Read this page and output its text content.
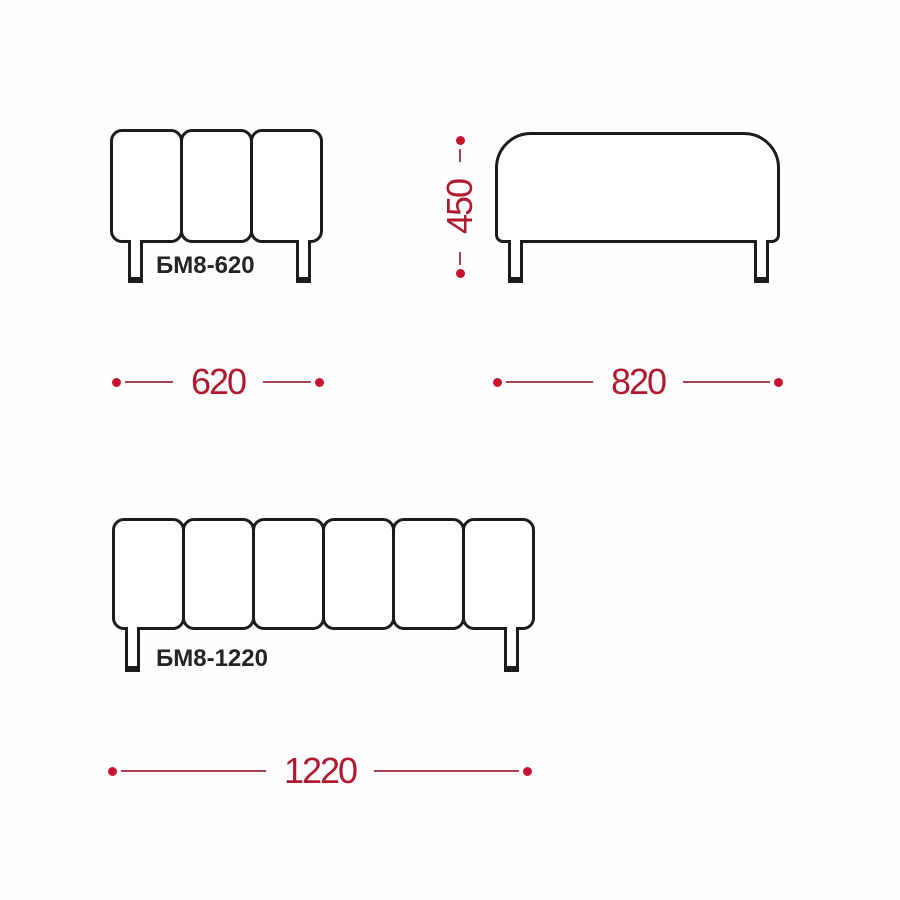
БМ8-620
450
620	820
БМ8-1220
1220
